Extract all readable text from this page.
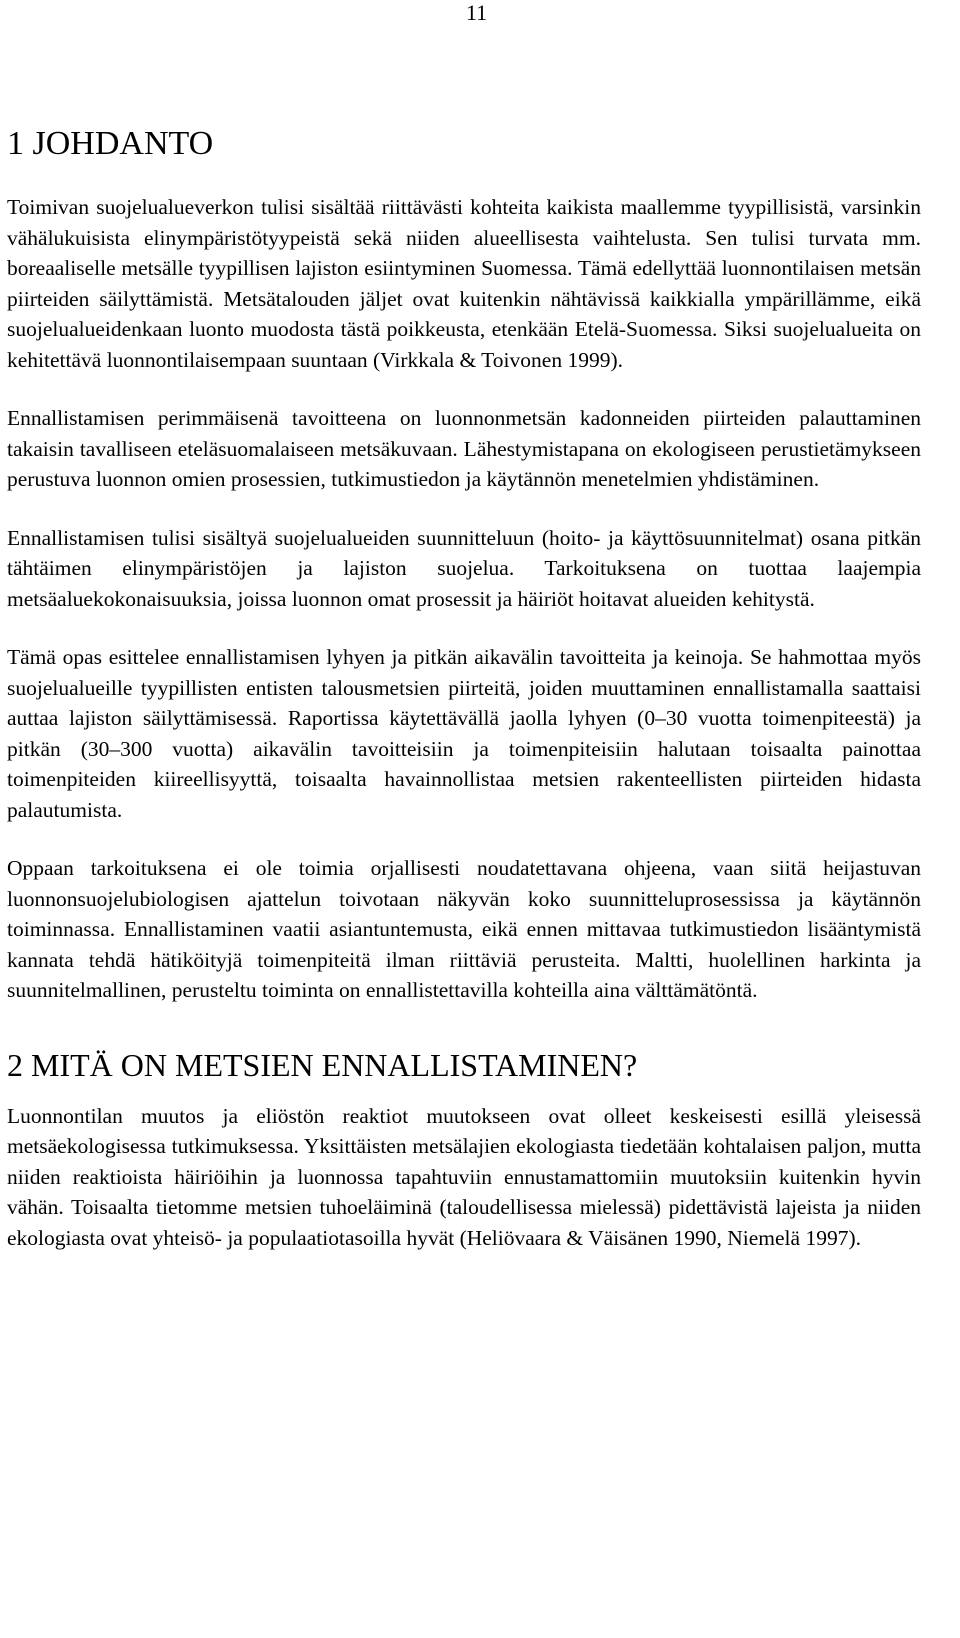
11
1 JOHDANTO

Toimivan suojelualueverkon tulisi sisältää riittävästi kohteita kaikista maallemme tyypillisistä, varsinkin vähälukuisista elinympäristötyypeistä sekä niiden alueellisesta vaihtelusta. Sen tulisi turvata mm. boreaaliselle metsälle tyypillisen lajiston esiintyminen Suomessa. Tämä edellyttää luonnontilaisen metsän piirteiden säilyttämistä. Metsätalouden jäljet ovat kuitenkin nähtävissä kaikkialla ympärillämme, eikä suojelualueidenkaan luonto muodosta tästä poikkeusta, etenkään Etelä-Suomessa. Siksi suojelualueita on kehitettävä luonnontilaisempaan suuntaan (Virkkala & Toivonen 1999).

Ennallistamisen perimmäisenä tavoitteena on luonnonmetsän kadonneiden piirteiden palauttaminen takaisin tavalliseen eteläsuomalaiseen metsäkuvaan. Lähestymistapana on ekologiseen perustietämykseen perustuva luonnon omien prosessien, tutkimustiedon ja käytännön menetelmien yhdistäminen.

Ennallistamisen tulisi sisältyä suojelualueiden suunnitteluun (hoito- ja käyttösuunnitelmat) osana pitkän tähtäimen elinympäristöjen ja lajiston suojelua. Tarkoituksena on tuottaa laajempia metsäaluekokonaisuuksia, joissa luonnon omat prosessit ja häiriöt hoitavat alueiden kehitystä.

Tämä opas esittelee ennallistamisen lyhyen ja pitkän aikavälin tavoitteita ja keinoja. Se hahmottaa myös suojelualueille tyypillisten entisten talousmetsien piirteitä, joiden muuttaminen ennallistamalla saattaisi auttaa lajiston säilyttämisessä. Raportissa käytettävällä jaolla lyhyen (0–30 vuotta toimenpiteestä) ja pitkän (30–300 vuotta) aikavälin tavoitteisiin ja toimenpiteisiin halutaan toisaalta painottaa toimenpiteiden kiireellisyyttä, toisaalta havainnollistaa metsien rakenteellisten piirteiden hidasta palautumista.

Oppaan tarkoituksena ei ole toimia orjallisesti noudatettavana ohjeena, vaan siitä heijastuvan luonnonsuojelubiologisen ajattelun toivotaan näkyvän koko suunnitteluprosessissa ja käytännön toiminnassa. Ennallistaminen vaatii asiantuntemusta, eikä ennen mittavaa tutkimustiedon lisääntymistä kannata tehdä hätiköityjä toimenpiteitä ilman riittäviä perusteita. Maltti, huolellinen harkinta ja suunnitelmallinen, perusteltu toiminta on ennallistettavilla kohteilla aina välttämätöntä.

2 MITÄ ON METSIEN ENNALLISTAMINEN?

Luonnontilan muutos ja eliöstön reaktiot muutokseen ovat olleet keskeisesti esillä yleisessä metsäekologisessa tutkimuksessa. Yksittäisten metsälajien ekologiasta tiedetään kohtalaisen paljon, mutta niiden reaktioista häiriöihin ja luonnossa tapahtuviin ennustamattomiin muutoksiin kuitenkin hyvin vähän. Toisaalta tietomme metsien tuhoeläiminä (taloudellisessa mielessä) pidettävistä lajeista ja niiden ekologiasta ovat yhteisö- ja populaatiotasoilla hyvät (Heliövaara & Väisänen 1990, Niemelä 1997).
